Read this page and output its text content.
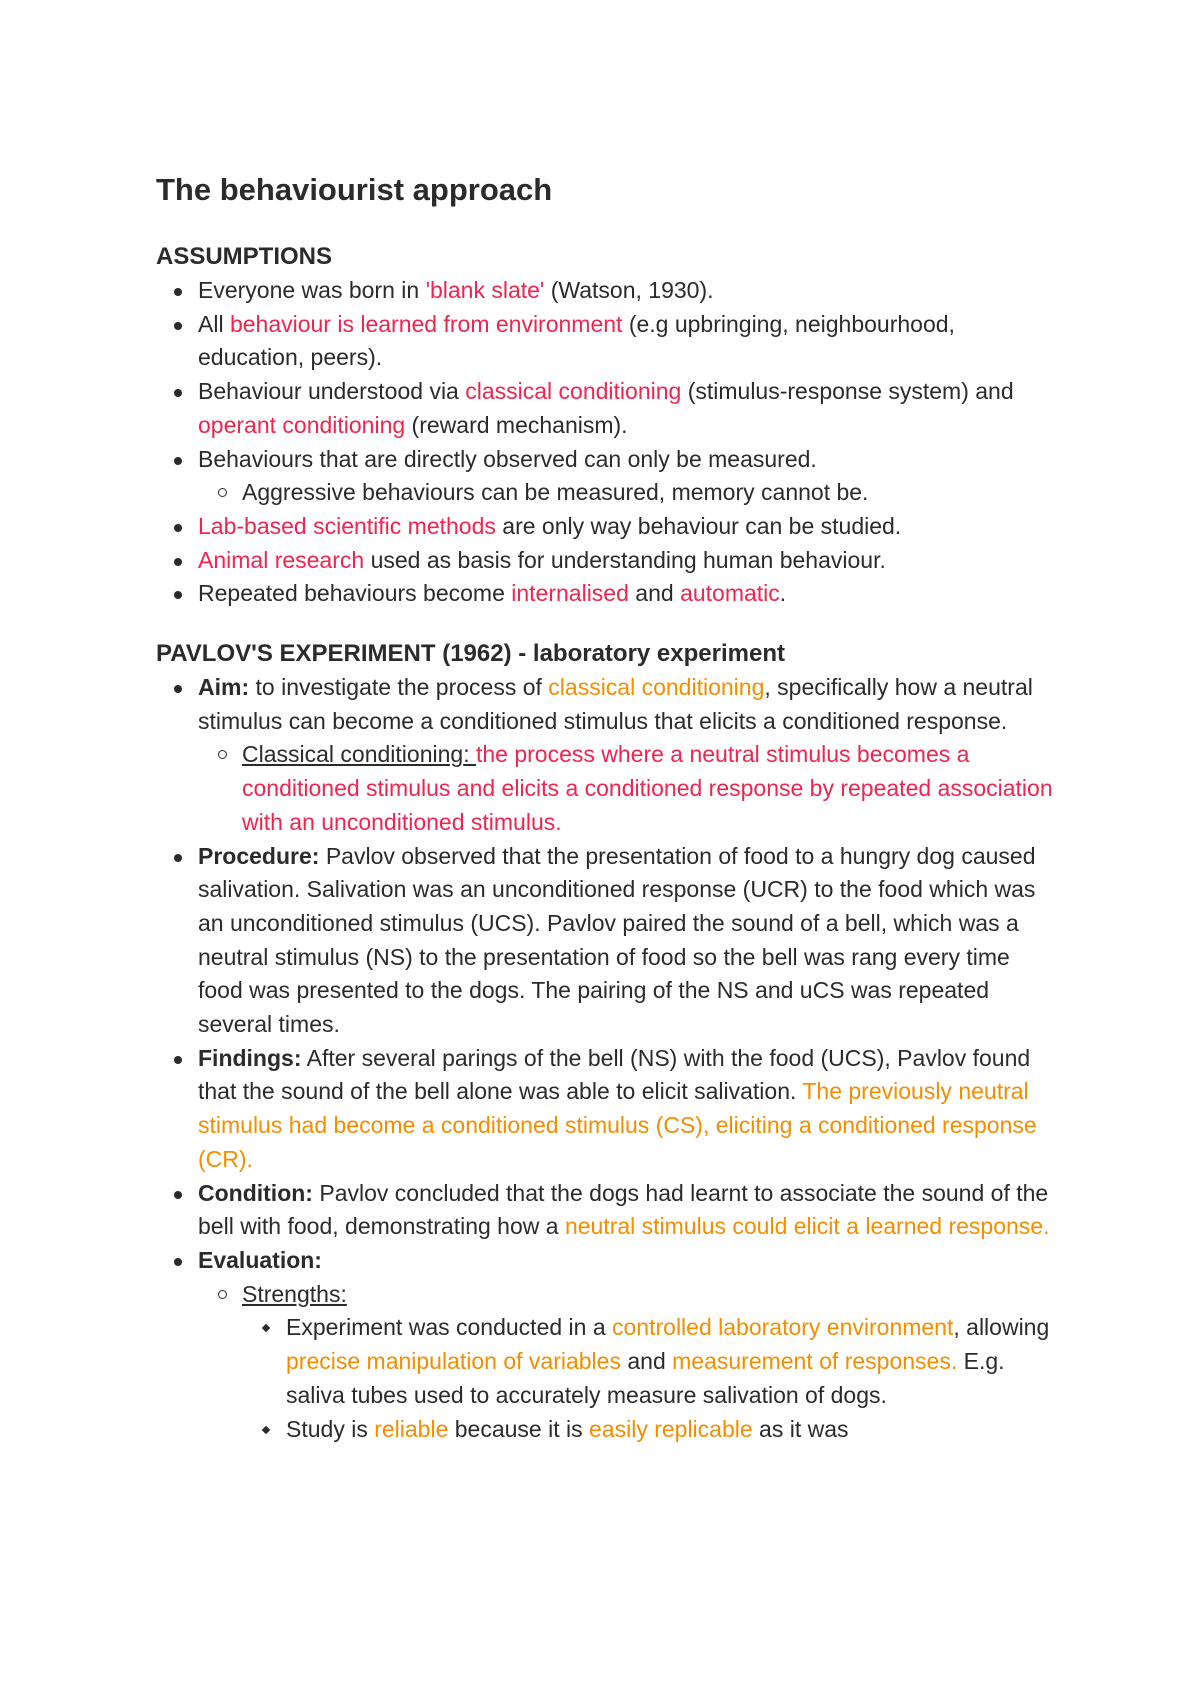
The behaviourist approach
ASSUMPTIONS
Everyone was born in 'blank slate' (Watson, 1930).
All behaviour is learned from environment (e.g upbringing, neighbourhood, education, peers).
Behaviour understood via classical conditioning (stimulus-response system) and operant conditioning (reward mechanism).
Behaviours that are directly observed can only be measured.
Aggressive behaviours can be measured, memory cannot be.
Lab-based scientific methods are only way behaviour can be studied.
Animal research used as basis for understanding human behaviour.
Repeated behaviours become internalised and automatic.
PAVLOV'S EXPERIMENT (1962) - laboratory experiment
Aim: to investigate the process of classical conditioning, specifically how a neutral stimulus can become a conditioned stimulus that elicits a conditioned response.
Classical conditioning: the process where a neutral stimulus becomes a conditioned stimulus and elicits a conditioned response by repeated association with an unconditioned stimulus.
Procedure: Pavlov observed that the presentation of food to a hungry dog caused salivation. Salivation was an unconditioned response (UCR) to the food which was an unconditioned stimulus (UCS). Pavlov paired the sound of a bell, which was a neutral stimulus (NS) to the presentation of food so the bell was rang every time food was presented to the dogs. The pairing of the NS and uCS was repeated several times.
Findings: After several parings of the bell (NS) with the food (UCS), Pavlov found that the sound of the bell alone was able to elicit salivation. The previously neutral stimulus had become a conditioned stimulus (CS), eliciting a conditioned response (CR).
Condition: Pavlov concluded that the dogs had learnt to associate the sound of the bell with food, demonstrating how a neutral stimulus could elicit a learned response.
Evaluation:
Strengths:
Experiment was conducted in a controlled laboratory environment, allowing precise manipulation of variables and measurement of responses. E.g. saliva tubes used to accurately measure salivation of dogs.
Study is reliable because it is easily replicable as it was
